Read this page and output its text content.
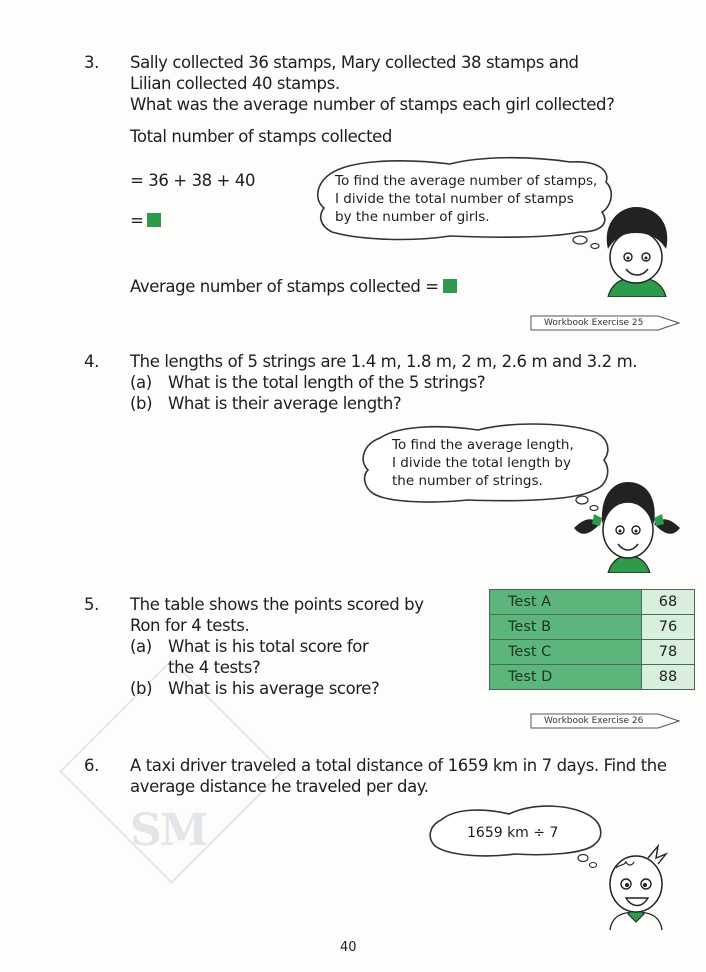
SM
3. Sally collected 36 stamps, Mary collected 38 stamps and
Lilian collected 40 stamps.
What was the average number of stamps each girl collected?
Total number of stamps collected
= 36 + 38 + 40
=
Average number of stamps collected =
To find the average number of stamps,
I divide the total number of stamps
by the number of girls.
Workbook Exercise 25
4. The lengths of 5 strings are 1.4 m, 1.8 m, 2 m, 2.6 m and 3.2 m.
(a) What is the total length of the 5 strings?
(b) What is their average length?
To find the average length,
I divide the total length by
the number of strings.
5. The table shows the points scored by
Ron for 4 tests.
(a) What is his total score for
the 4 tests?
(b) What is his average score?
Test A	68
Test B	76
Test C	78
Test D	88
Workbook Exercise 26
6. A taxi driver traveled a total distance of 1659 km in 7 days. Find the
average distance he traveled per day.
1659 km ÷ 7
40
